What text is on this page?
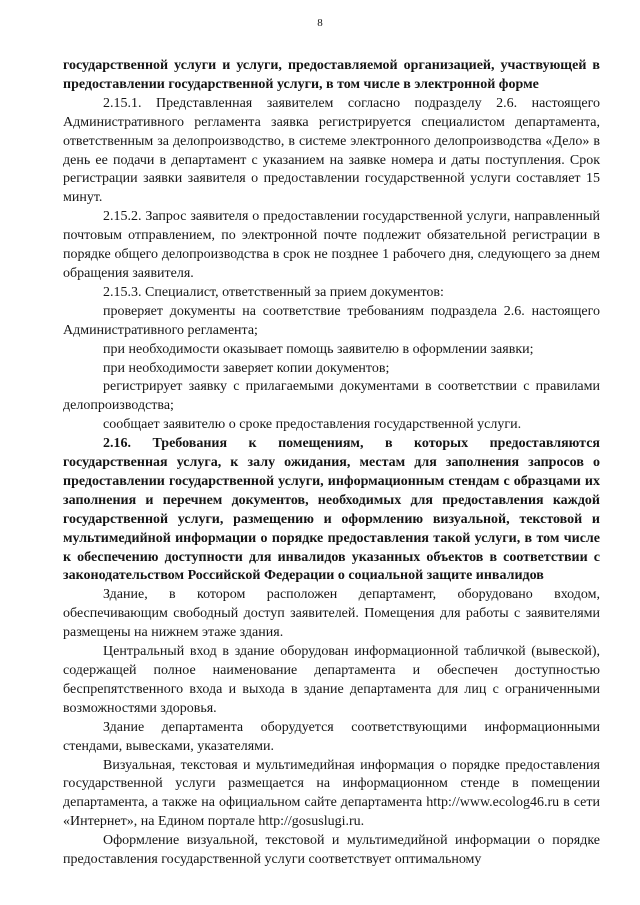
8

государственной услуги и услуги, предоставляемой организацией, участвующей в предоставлении государственной услуги, в том числе в электронной форме

2.15.1. Представленная заявителем согласно подразделу 2.6. настоящего Административного регламента заявка регистрируется специалистом департамента, ответственным за делопроизводство, в системе электронного делопроизводства «Дело» в день ее подачи в департамент с указанием на заявке номера и даты поступления. Срок регистрации заявки заявителя о предоставлении государственной услуги составляет 15 минут.

2.15.2. Запрос заявителя о предоставлении государственной услуги, направленный почтовым отправлением, по электронной почте подлежит обязательной регистрации в порядке общего делопроизводства в срок не позднее 1 рабочего дня, следующего за днем обращения заявителя.

2.15.3. Специалист, ответственный за прием документов:

проверяет документы на соответствие требованиям подраздела 2.6. настоящего Административного регламента;

при необходимости оказывает помощь заявителю в оформлении заявки;

при необходимости заверяет копии документов;

регистрирует заявку с прилагаемыми документами в соответствии с правилами делопроизводства;

сообщает заявителю о сроке предоставления государственной услуги.

2.16. Требования к помещениям, в которых предоставляются государственная услуга, к залу ожидания, местам для заполнения запросов о предоставлении государственной услуги, информационным стендам с образцами их заполнения и перечнем документов, необходимых для предоставления каждой государственной услуги, размещению и оформлению визуальной, текстовой и мультимедийной информации о порядке предоставления такой услуги, в том числе к обеспечению доступности для инвалидов указанных объектов в соответствии с законодательством Российской Федерации о социальной защите инвалидов

Здание, в котором расположен департамент, оборудовано входом, обеспечивающим свободный доступ заявителей. Помещения для работы с заявителями размещены на нижнем этаже здания.

Центральный вход в здание оборудован информационной табличкой (вывеской), содержащей полное наименование департамента и обеспечен доступностью беспрепятственного входа и выхода в здание департамента для лиц с ограниченными возможностями здоровья.

Здание департамента оборудуется соответствующими информационными стендами, вывесками, указателями.

Визуальная, текстовая и мультимедийная информация о порядке предоставления государственной услуги размещается на информационном стенде в помещении департамента, а также на официальном сайте департамента http://www.ecolog46.ru в сети «Интернет», на Едином портале http://gosuslugi.ru.

Оформление визуальной, текстовой и мультимедийной информации о порядке предоставления государственной услуги соответствует оптимальному
